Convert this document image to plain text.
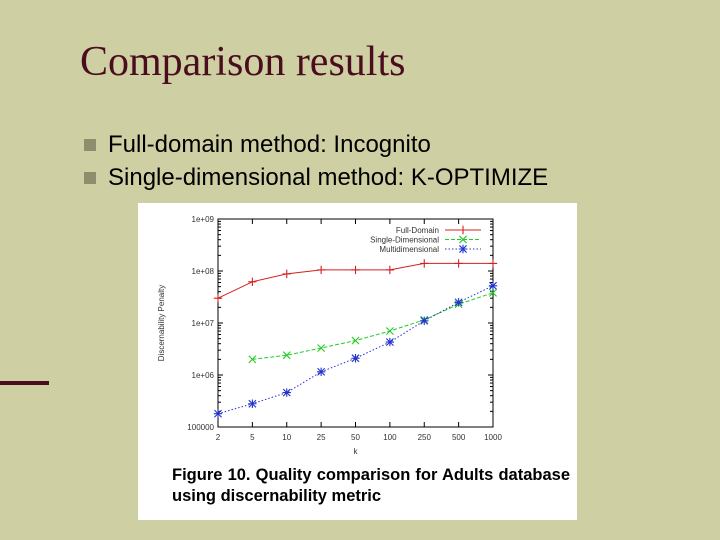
Comparison results
Full-domain method: Incognito
Single-dimensional method: K-OPTIMIZE
100000
1e+06
1e+07
1e+08
1e+09
2	5	10	25	50	100	250	500 1000
k
Discernability Penalty
Full-Domain
Single-Dimensional
Multidimensional
Figure 10. Quality comparison for Adults database using discernability metric
